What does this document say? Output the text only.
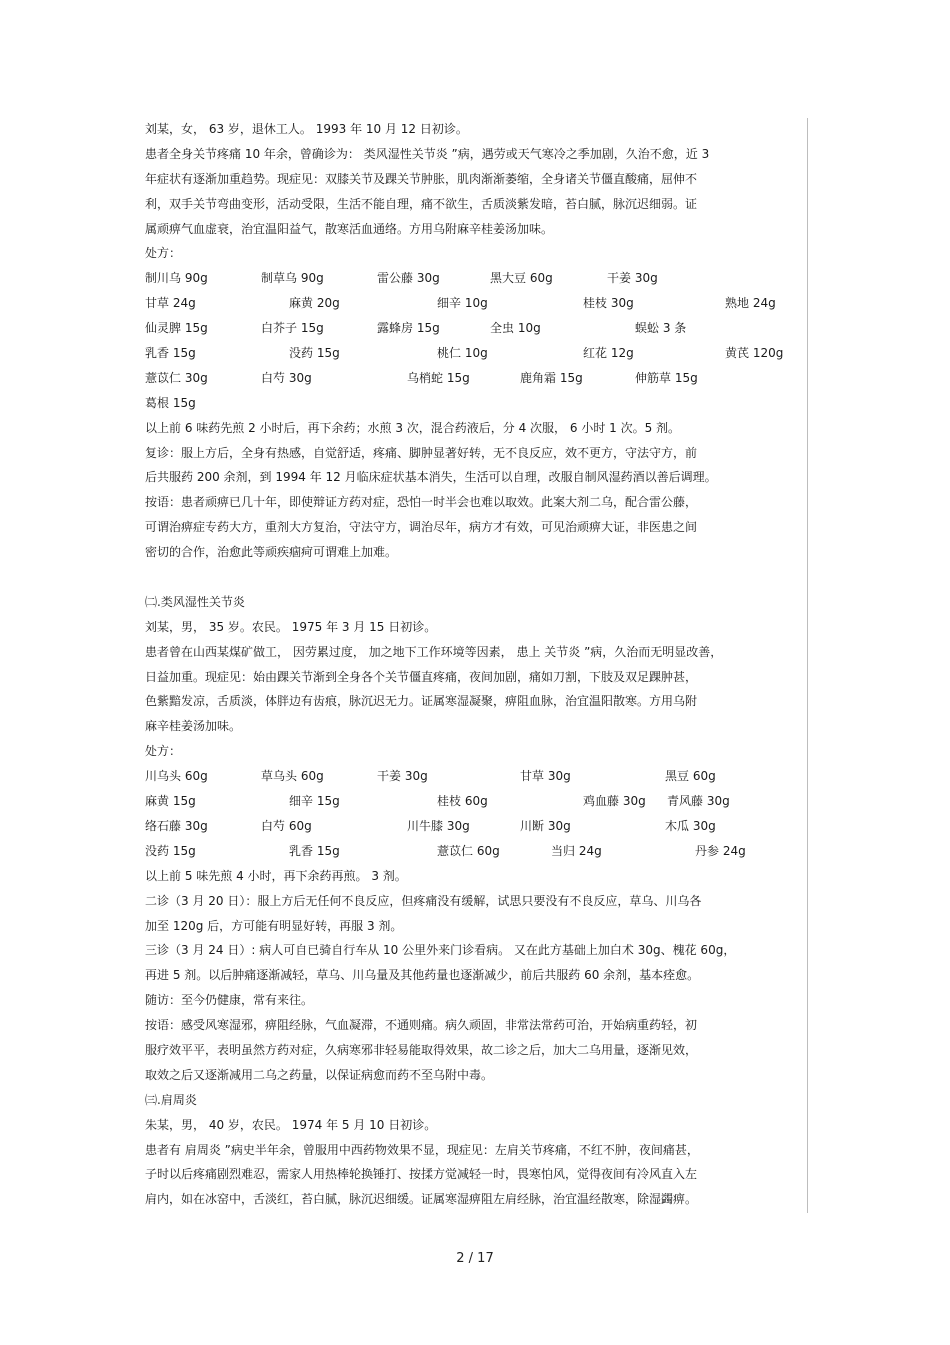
刘某，女， 63 岁，退休工人。 1993 年 10 月 12 日初诊。
患者全身关节疼痛 10 年余，曾确诊为： 类风湿性关节炎 ”病，遇劳或天气寒冷之季加剧，久治不愈，近 3
年症状有逐渐加重趋势。现症见：双膝关节及踝关节肿胀，肌肉渐渐萎缩，全身诸关节僵直酸痛，屈伸不
利，双手关节弯曲变形，活动受限，生活不能自理，痛不欲生，舌质淡紫发暗，苔白腻，脉沉迟细弱。证
属顽痹气血虚衰，治宜温阳益气，散寒活血通络。方用乌附麻辛桂姜汤加味。
处方：
制川乌 90g	制草乌 90g	雷公藤 30g	黑大豆 60g	干姜 30g
甘草 24g	麻黄 20g	细辛 10g	桂枝 30g	熟地 24g
仙灵脾 15g	白芥子 15g	露蜂房 15g	全虫 10g	蜈蚣 3 条
乳香 15g	没药 15g	桃仁 10g	红花 12g	黄芪 120g
薏苡仁 30g	白芍 30g	乌梢蛇 15g	鹿角霜 15g	伸筋草 15g
葛根 15g
以上前 6 味药先煎 2 小时后，再下余药；水煎 3 次，混合药液后，分 4 次服， 6 小时 1 次。5 剂。
复诊：服上方后，全身有热感，自觉舒适，疼痛、脚肿显著好转，无不良反应，效不更方，守法守方，前
后共服药 200 余剂，到 1994 年 12 月临床症状基本消失，生活可以自理，改服自制风湿药酒以善后调理。
按语：患者顽痹已几十年，即使辩证方药对症，恐怕一时半会也难以取效。此案大剂二乌，配合雷公藤，
可谓治痹症专药大方，重剂大方复治，守法守方，调治尽年，病方才有效，可见治顽痹大证，非医患之间
密切的合作，治愈此等顽疾痼疴可谓难上加难。
㈡.类风湿性关节炎
刘某，男， 35 岁。农民。 1975 年 3 月 15 日初诊。
患者曾在山西某煤矿做工， 因劳累过度， 加之地下工作环境等因素， 患上 关节炎 ”病，久治而无明显改善，
日益加重。现症见：始由踝关节渐到全身各个关节僵直疼痛，夜间加剧，痛如刀割，下肢及双足踝肿甚，
色紫黯发凉，舌质淡，体胖边有齿痕，脉沉迟无力。证属寒湿凝聚，痹阻血脉，治宜温阳散寒。方用乌附
麻辛桂姜汤加味。
处方：
川乌头 60g	草乌头 60g	干姜 30g	甘草 30g	黑豆 60g
麻黄 15g	细辛 15g	桂枝 60g	鸡血藤 30g 青风藤 30g
络石藤 30g	白芍 60g	川牛膝 30g	川断 30g	木瓜 30g
没药 15g	乳香 15g	薏苡仁 60g	当归 24g	丹参 24g
以上前 5 味先煎 4 小时，再下余药再煎。 3 剂。
二诊（3 月 20 日）：服上方后无任何不良反应，但疼痛没有缓解，试思只要没有不良反应，草乌、川乌各
加至 120g 后，方可能有明显好转，再服 3 剂。
三诊（3 月 24 日）: 病人可自已骑自行车从 10 公里外来门诊看病。 又在此方基础上加白术 30g、槐花 60g，
再进 5 剂。以后肿痛逐渐减轻，草乌、川乌量及其他药量也逐渐减少，前后共服药 60 余剂，基本痊愈。
随访：至今仍健康，常有来往。
按语：感受风寒湿邪，痹阻经脉，气血凝滞，不通则痛。病久顽固，非常法常药可治，开始病重药轻，初
服疗效平平，表明虽然方药对症，久病寒邪非轻易能取得效果，故二诊之后，加大二乌用量，逐渐见效，
取效之后又逐渐减用二乌之药量，以保证病愈而药不至乌附中毒。
㈢.肩周炎
朱某，男， 40 岁，农民。 1974 年 5 月 10 日初诊。
患者有 肩周炎 ”病史半年余，曾服用中西药物效果不显，现症见：左肩关节疼痛，不红不肿，夜间痛甚，
子时以后疼痛剧烈难忍，需家人用热棒轮换锤打、按揉方觉减轻一时，畏寒怕风，觉得夜间有冷风直入左
肩内，如在冰窑中，舌淡红，苔白腻，脉沉迟细缓。证属寒湿痹阻左肩经脉，治宜温经散寒，除湿蠲痹。
2 / 17
